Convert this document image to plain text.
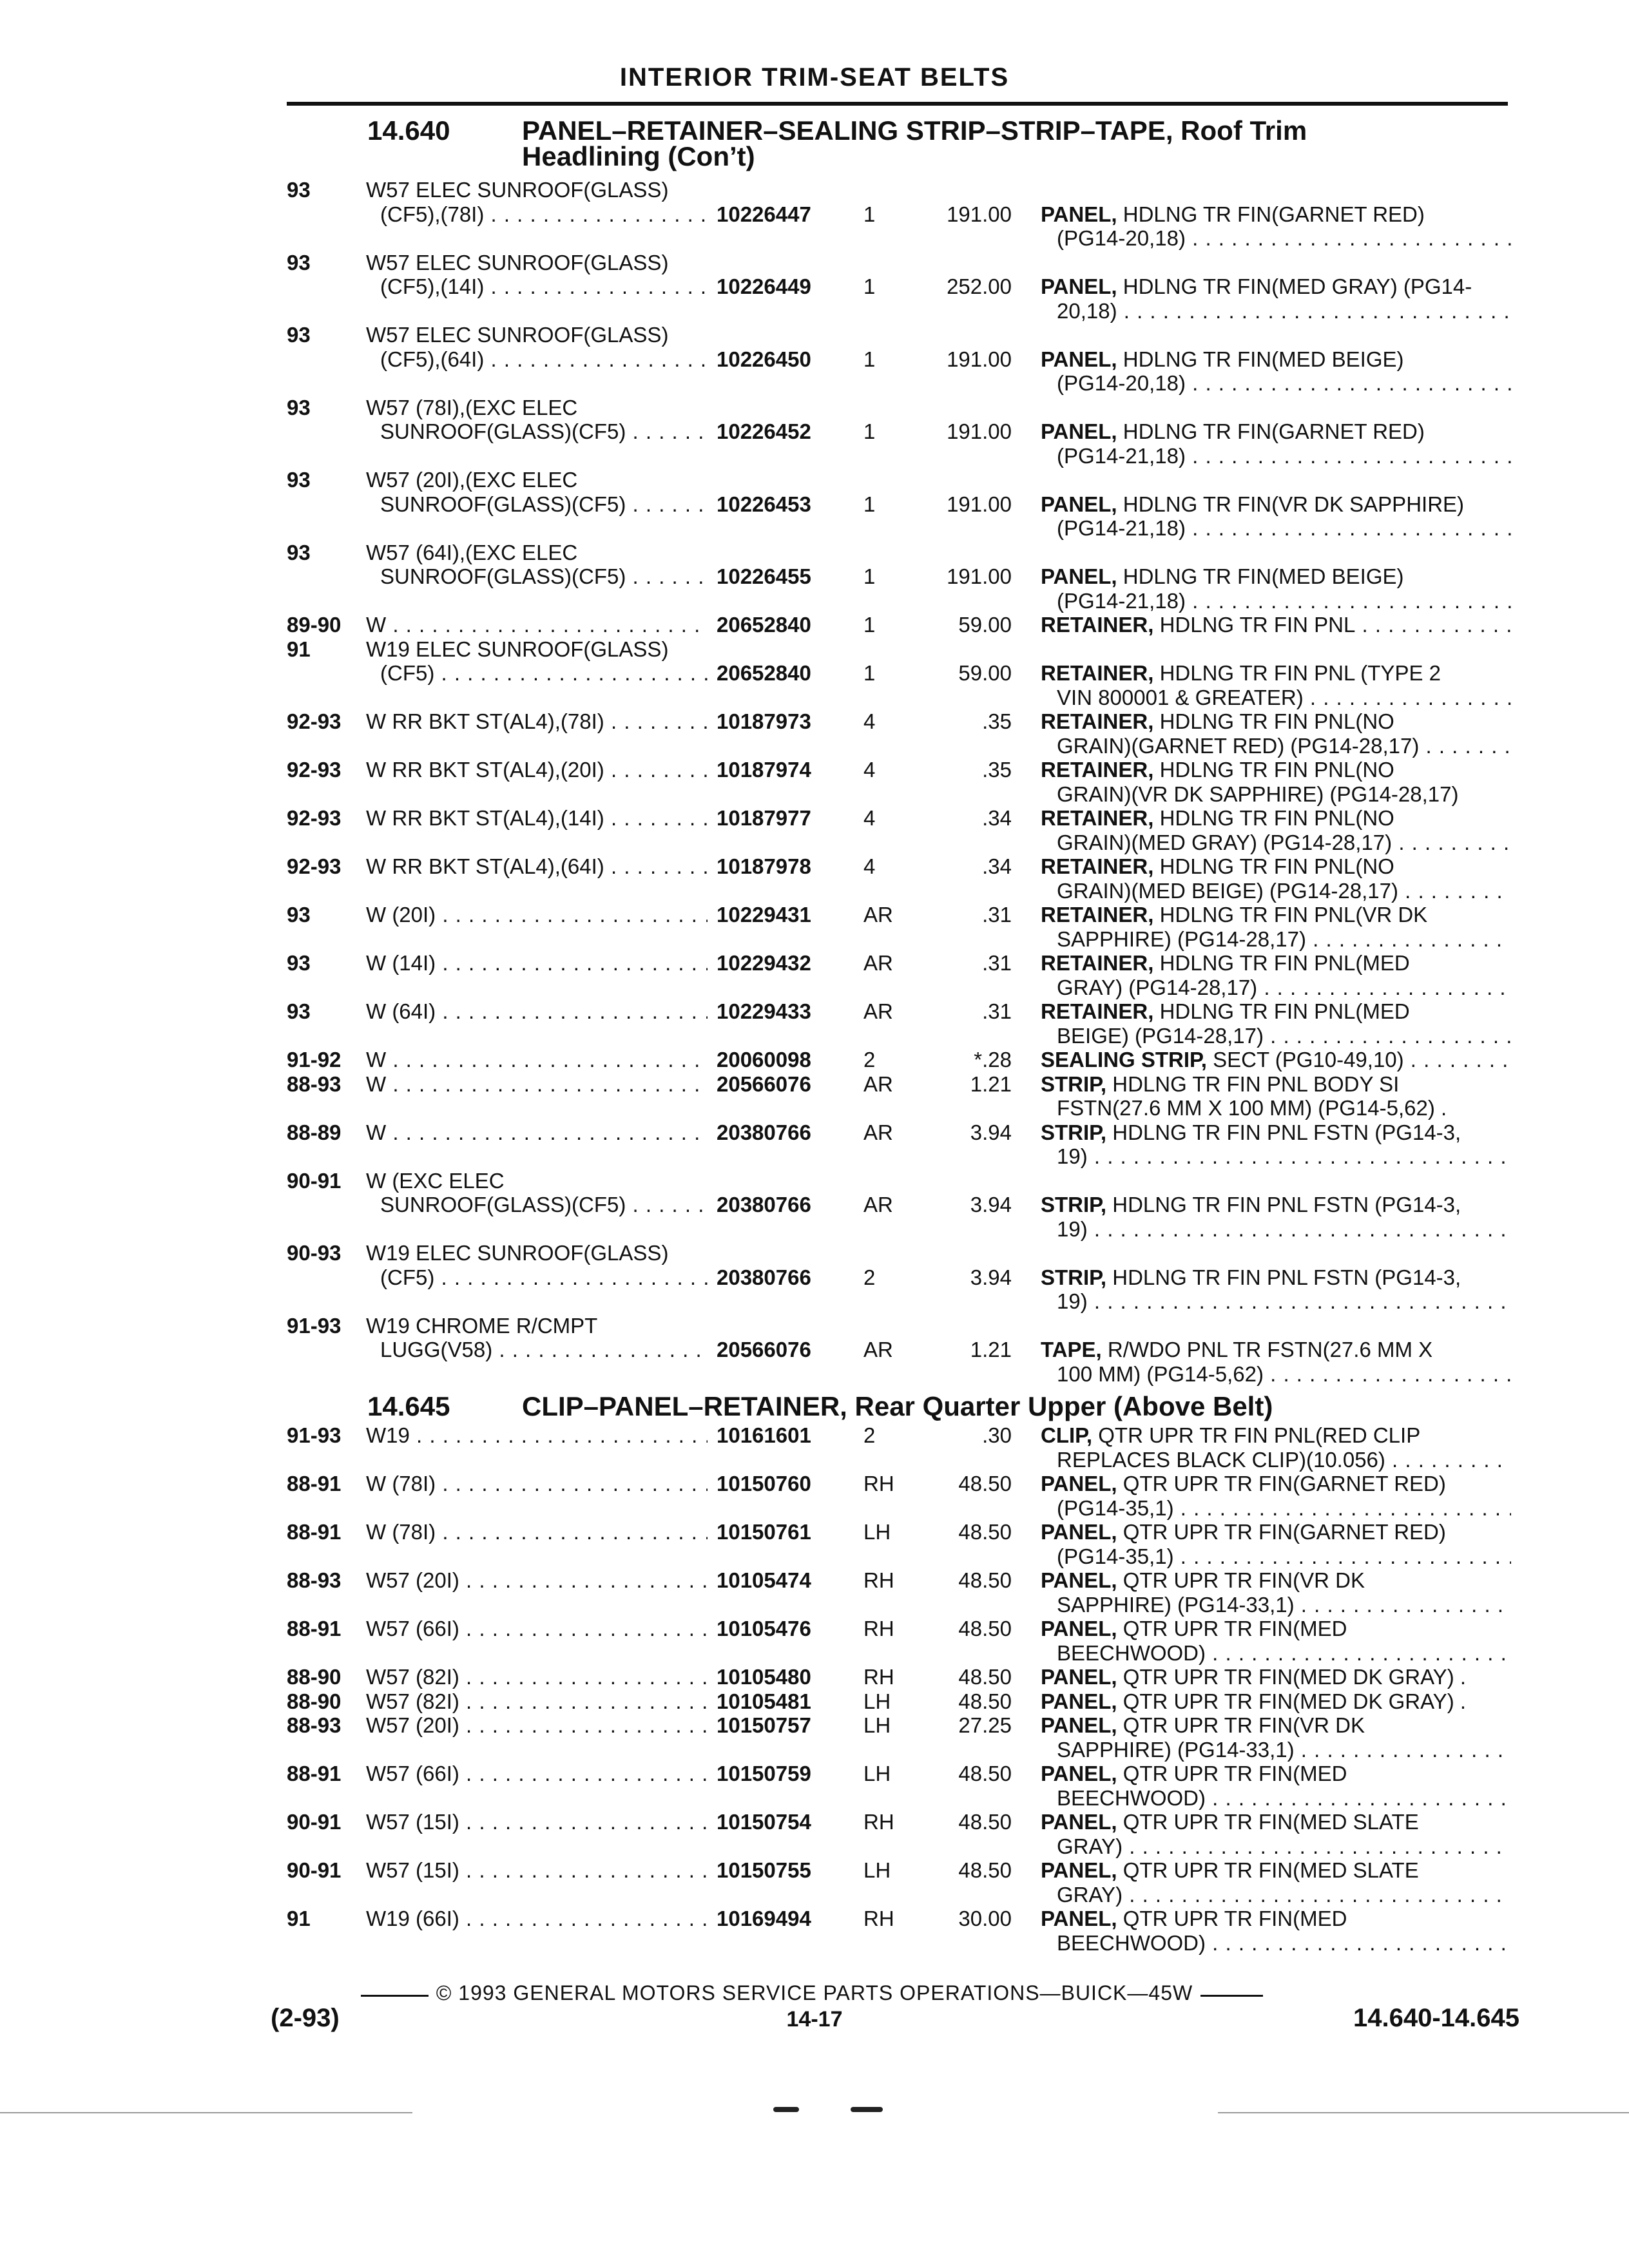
INTERIOR TRIM-SEAT BELTS
14.640	PANEL–RETAINER–SEALING STRIP–STRIP–TAPE, Roof Trim
Headlining (Con’t)
93	W57 ELEC SUNROOF(GLASS)
(CF5),(78I) . . .	10226447 1	191.00 PANEL, HDLNG TR FIN(GARNET RED)
(PG14-20,18) . . .
93	W57 ELEC SUNROOF(GLASS)
(CF5),(14I) . . .	10226449 1	252.00 PANEL, HDLNG TR FIN(MED GRAY) (PG14-
20,18) . . .
93	W57 ELEC SUNROOF(GLASS)
(CF5),(64I) . . .	10226450 1	191.00 PANEL, HDLNG TR FIN(MED BEIGE)
(PG14-20,18) . . .
93	W57 (78I),(EXC ELEC
SUNROOF(GLASS)(CF5) . . .	10226452 1	191.00 PANEL, HDLNG TR FIN(GARNET RED)
(PG14-21,18) . . .
93	W57 (20I),(EXC ELEC
SUNROOF(GLASS)(CF5) . . .	10226453 1	191.00 PANEL, HDLNG TR FIN(VR DK SAPPHIRE)
(PG14-21,18) . . .
93	W57 (64I),(EXC ELEC
SUNROOF(GLASS)(CF5) . . .	10226455 1	191.00 PANEL, HDLNG TR FIN(MED BEIGE)
(PG14-21,18) . . .
89-90 W . . .	20652840 1	59.00 RETAINER, HDLNG TR FIN PNL . . .
91	W19 ELEC SUNROOF(GLASS)
(CF5) . . .	20652840 1	59.00 RETAINER, HDLNG TR FIN PNL (TYPE 2
VIN 800001 & GREATER) . . .
92-93 W RR BKT ST(AL4),(78I) . . .	10187973 4	.35 RETAINER, HDLNG TR FIN PNL(NO
GRAIN)(GARNET RED) (PG14-28,17) . . .
92-93 W RR BKT ST(AL4),(20I) . . .	10187974 4	.35 RETAINER, HDLNG TR FIN PNL(NO
GRAIN)(VR DK SAPPHIRE) (PG14-28,17)
92-93 W RR BKT ST(AL4),(14I) . . .	10187977 4	.34 RETAINER, HDLNG TR FIN PNL(NO
GRAIN)(MED GRAY) (PG14-28,17) . . .
92-93 W RR BKT ST(AL4),(64I) . . .	10187978 4	.34 RETAINER, HDLNG TR FIN PNL(NO
GRAIN)(MED BEIGE) (PG14-28,17) . . .
93	W (20I) . . .	10229431 AR	.31 RETAINER, HDLNG TR FIN PNL(VR DK
SAPPHIRE) (PG14-28,17) . . .
93	W (14I) . . .	10229432 AR	.31 RETAINER, HDLNG TR FIN PNL(MED
GRAY) (PG14-28,17) . . .
93	W (64I) . . .	10229433 AR	.31 RETAINER, HDLNG TR FIN PNL(MED
BEIGE) (PG14-28,17) . . .
91-92 W . . .	20060098 2	*.28 SEALING STRIP, SECT (PG10-49,10) . . .
88-93 W . . .	20566076 AR	1.21 STRIP, HDLNG TR FIN PNL BODY SI
FSTN(27.6 MM X 100 MM) (PG14-5,62) .
88-89 W . . .	20380766 AR	3.94 STRIP, HDLNG TR FIN PNL FSTN (PG14-3,
19) . . .
90-91 W (EXC ELEC
SUNROOF(GLASS)(CF5) . . .	20380766 AR	3.94 STRIP, HDLNG TR FIN PNL FSTN (PG14-3,
19) . . .
90-93 W19 ELEC SUNROOF(GLASS)
(CF5) . . .	20380766 2	3.94 STRIP, HDLNG TR FIN PNL FSTN (PG14-3,
19) . . .
91-93 W19 CHROME R/CMPT
LUGG(V58) . . .	20566076 AR	1.21 TAPE, R/WDO PNL TR FSTN(27.6 MM X
100 MM) (PG14-5,62) . . .
14.645	CLIP–PANEL–RETAINER, Rear Quarter Upper (Above Belt)
91-93 W19 . . .	10161601 2	.30 CLIP, QTR UPR TR FIN PNL(RED CLIP
REPLACES BLACK CLIP)(10.056) . . .
88-91 W (78I) . . .	10150760 RH	48.50 PANEL, QTR UPR TR FIN(GARNET RED)
(PG14-35,1) . . .
88-91 W (78I) . . .	10150761 LH	48.50 PANEL, QTR UPR TR FIN(GARNET RED)
(PG14-35,1) . . .
88-93 W57 (20I) . . .	10105474 RH	48.50 PANEL, QTR UPR TR FIN(VR DK
SAPPHIRE) (PG14-33,1) . . .
88-91 W57 (66I) . . .	10105476 RH	48.50 PANEL, QTR UPR TR FIN(MED
BEECHWOOD) . . .
88-90 W57 (82I) . . .	10105480 RH	48.50 PANEL, QTR UPR TR FIN(MED DK GRAY) .
88-90 W57 (82I) . . .	10105481 LH	48.50 PANEL, QTR UPR TR FIN(MED DK GRAY) .
88-93 W57 (20I) . . .	10150757 LH	27.25 PANEL, QTR UPR TR FIN(VR DK
SAPPHIRE) (PG14-33,1) . . .
88-91 W57 (66I) . . .	10150759 LH	48.50 PANEL, QTR UPR TR FIN(MED
BEECHWOOD) . . .
90-91 W57 (15I) . . .	10150754 RH	48.50 PANEL, QTR UPR TR FIN(MED SLATE
GRAY) . . .
90-91 W57 (15I) . . .	10150755 LH	48.50 PANEL, QTR UPR TR FIN(MED SLATE
GRAY) . . .
91	W19 (66I) . . .	10169494 RH	30.00 PANEL, QTR UPR TR FIN(MED
BEECHWOOD) . . .
© 1993 GENERAL MOTORS SERVICE PARTS OPERATIONS—BUICK—45W
(2-93)	14-17	14.640-14.645
